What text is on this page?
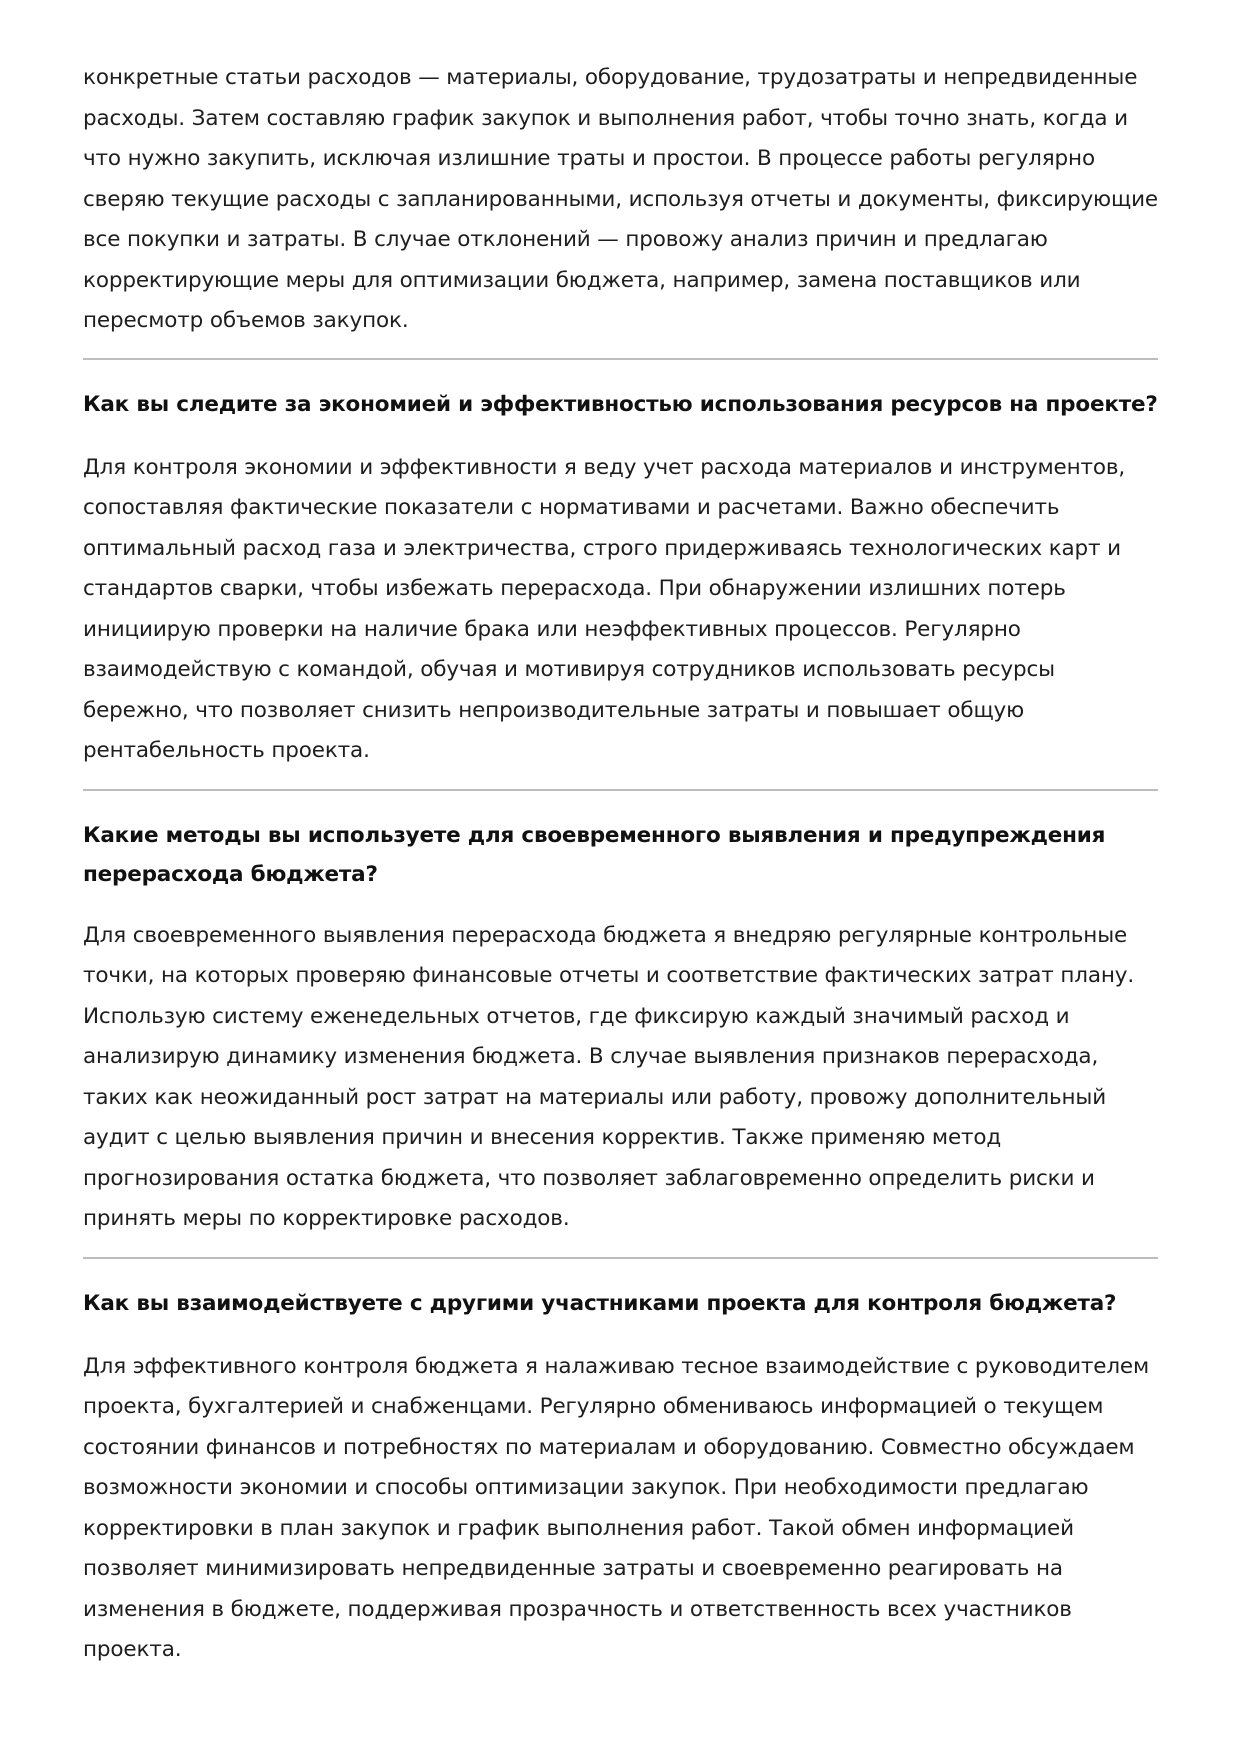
конкретные статьи расходов — материалы, оборудование, трудозатраты и непредвиденные расходы. Затем составляю график закупок и выполнения работ, чтобы точно знать, когда и что нужно закупить, исключая излишние траты и простои. В процессе работы регулярно сверяю текущие расходы с запланированными, используя отчеты и документы, фиксирующие все покупки и затраты. В случае отклонений — провожу анализ причин и предлагаю корректирующие меры для оптимизации бюджета, например, замена поставщиков или пересмотр объемов закупок.

Как вы следите за экономией и эффективностью использования ресурсов на проекте?

Для контроля экономии и эффективности я веду учет расхода материалов и инструментов, сопоставляя фактические показатели с нормативами и расчетами. Важно обеспечить оптимальный расход газа и электричества, строго придерживаясь технологических карт и стандартов сварки, чтобы избежать перерасхода. При обнаружении излишних потерь инициирую проверки на наличие брака или неэффективных процессов. Регулярно взаимодействую с командой, обучая и мотивируя сотрудников использовать ресурсы бережно, что позволяет снизить непроизводительные затраты и повышает общую рентабельность проекта.

Какие методы вы используете для своевременного выявления и предупреждения перерасхода бюджета?

Для своевременного выявления перерасхода бюджета я внедряю регулярные контрольные точки, на которых проверяю финансовые отчеты и соответствие фактических затрат плану. Использую систему еженедельных отчетов, где фиксирую каждый значимый расход и анализирую динамику изменения бюджета. В случае выявления признаков перерасхода, таких как неожиданный рост затрат на материалы или работу, провожу дополнительный аудит с целью выявления причин и внесения корректив. Также применяю метод прогнозирования остатка бюджета, что позволяет заблаговременно определить риски и принять меры по корректировке расходов.

Как вы взаимодействуете с другими участниками проекта для контроля бюджета?

Для эффективного контроля бюджета я налаживаю тесное взаимодействие с руководителем проекта, бухгалтерией и снабженцами. Регулярно обмениваюсь информацией о текущем состоянии финансов и потребностях по материалам и оборудованию. Совместно обсуждаем возможности экономии и способы оптимизации закупок. При необходимости предлагаю корректировки в план закупок и график выполнения работ. Такой обмен информацией позволяет минимизировать непредвиденные затраты и своевременно реагировать на изменения в бюджете, поддерживая прозрачность и ответственность всех участников проекта.
